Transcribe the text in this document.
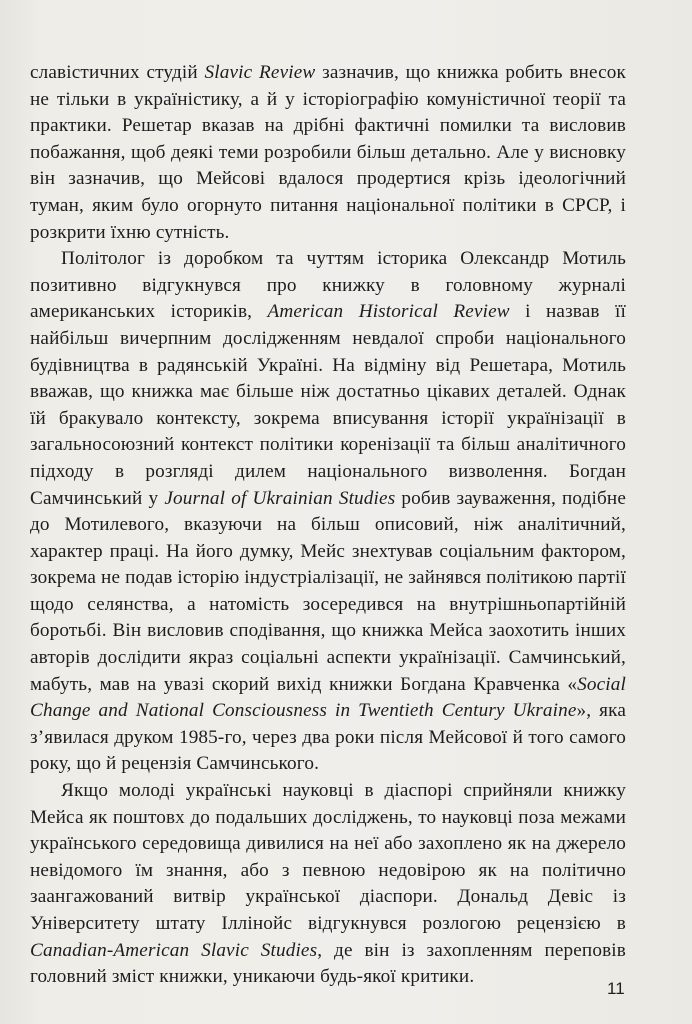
славістичних студій Slavic Review зазначив, що книжка робить внесок не тільки в україністику, а й у історіографію комуністичної теорії та практики. Решетар вказав на дрібні фактичні помилки та висловив побажання, щоб деякі теми розробили більш детально. Але у висновку він зазначив, що Мейсові вдалося продертися крізь ідеологічний туман, яким було огорнуто питання національної політики в СРСР, і розкрити їхню сутність.

Політолог із доробком та чуттям історика Олександр Мотиль позитивно відгукнувся про книжку в головному журналі американських істориків, American Historical Review і назвав її найбільш вичерпним дослідженням невдалої спроби національного будівництва в радянській Україні. На відміну від Решетара, Мотиль вважав, що книжка має більше ніж достатньо цікавих деталей. Однак їй бракувало контексту, зокрема вписування історії українізації в загальносоюзний контекст політики коренізації та більш аналітичного підходу в розгляді дилем національного визволення. Богдан Самчинський у Journal of Ukrainian Studies робив зауваження, подібне до Мотилевого, вказуючи на більш описовий, ніж аналітичний, характер праці. На його думку, Мейс знехтував соціальним фактором, зокрема не подав історію індустріалізації, не зайнявся політикою партії щодо селянства, а натомість зосередився на внутрішньопартійній боротьбі. Він висловив сподівання, що книжка Мейса заохотить інших авторів дослідити якраз соціальні аспекти українізації. Самчинський, мабуть, мав на увазі скорий вихід книжки Богдана Кравченка «Social Change and National Consciousness in Twentieth Century Ukraine», яка з’явилася друком 1985-го, через два роки після Мейсової й того самого року, що й рецензія Самчинського.

Якщо молоді українські науковці в діаспорі сприйняли книжку Мейса як поштовх до подальших досліджень, то науковці поза межами українського середовища дивилися на неї або захоплено як на джерело невідомого їм знання, або з певною недовірою як на політично заангажований витвір української діаспори. Дональд Девіс із Університету штату Іллінойс відгукнувся розлогою рецензією в Canadian-American Slavic Studies, де він із захопленням переповів головний зміст книжки, уникаючи будь-якої критики.

11
